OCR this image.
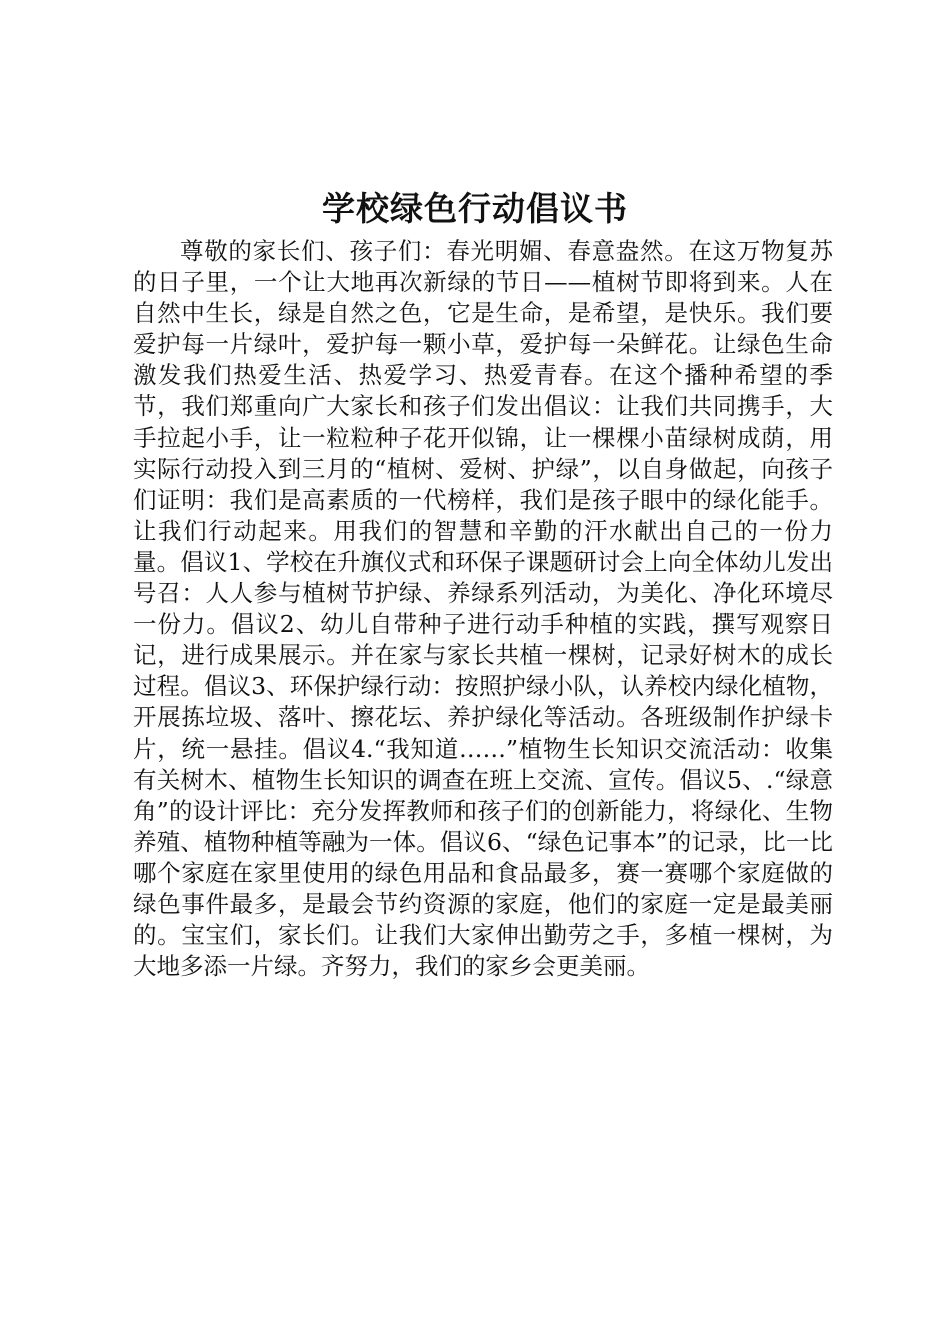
学校绿色行动倡议书

尊敬的家长们、孩子们：春光明媚、春意盎然。在这万物复苏的日子里，一个让大地再次新绿的节日——植树节即将到来。人在自然中生长，绿是自然之色，它是生命，是希望，是快乐。我们要爱护每一片绿叶，爱护每一颗小草，爱护每一朵鲜花。让绿色生命激发我们热爱生活、热爱学习、热爱青春。在这个播种希望的季节，我们郑重向广大家长和孩子们发出倡议：让我们共同携手，大手拉起小手，让一粒粒种子花开似锦，让一棵棵小苗绿树成荫，用实际行动投入到三月的“植树、爱树、护绿”，以自身做起，向孩子们证明：我们是高素质的一代榜样，我们是孩子眼中的绿化能手。让我们行动起来。用我们的智慧和辛勤的汗水献出自己的一份力量。倡议1、学校在升旗仪式和环保子课题研讨会上向全体幼儿发出号召：人人参与植树节护绿、养绿系列活动，为美化、净化环境尽一份力。倡议2、幼儿自带种子进行动手种植的实践，撰写观察日记，进行成果展示。并在家与家长共植一棵树，记录好树木的成长过程。倡议3、环保护绿行动：按照护绿小队，认养校内绿化植物，开展拣垃圾、落叶、擦花坛、养护绿化等活动。各班级制作护绿卡片，统一悬挂。倡议4.“我知道……”植物生长知识交流活动：收集有关树木、植物生长知识的调查在班上交流、宣传。倡议5、.“绿意角”的设计评比：充分发挥教师和孩子们的创新能力，将绿化、生物养殖、植物种植等融为一体。倡议6、“绿色记事本”的记录，比一比哪个家庭在家里使用的绿色用品和食品最多，赛一赛哪个家庭做的绿色事件最多，是最会节约资源的家庭，他们的家庭一定是最美丽的。宝宝们，家长们。让我们大家伸出勤劳之手，多植一棵树，为大地多添一片绿。齐努力，我们的家乡会更美丽。
